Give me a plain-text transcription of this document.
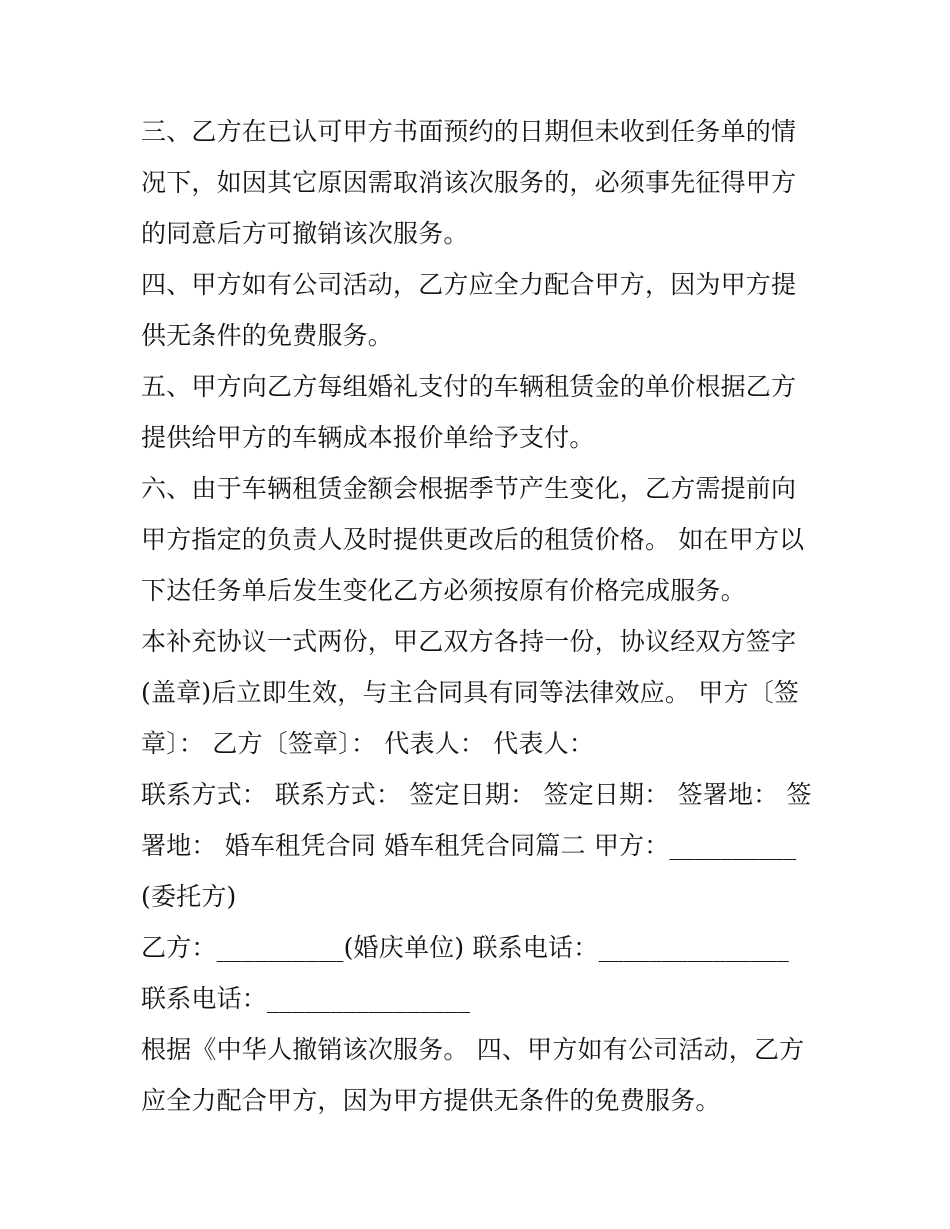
三、乙方在已认可甲方书面预约的日期但未收到任务单的情况下，如因其它原因需取消该次服务的，必须事先征得甲方的同意后方可撤销该次服务。

四、甲方如有公司活动，乙方应全力配合甲方，因为甲方提供无条件的免费服务。

五、甲方向乙方每组婚礼支付的车辆租赁金的单价根据乙方提供给甲方的车辆成本报价单给予支付。

六、由于车辆租赁金额会根据季节产生变化，乙方需提前向甲方指定的负责人及时提供更改后的租赁价格。 如在甲方以下达任务单后发生变化乙方必须按原有价格完成服务。

本补充协议一式两份，甲乙双方各持一份，协议经双方签字(盖章)后立即生效，与主合同具有同等法律效应。 甲方〔签章〕： 乙方〔签章〕： 代表人： 代表人：

联系方式： 联系方式： 签定日期： 签定日期： 签署地： 签署地： 婚车租凭合同 婚车租凭合同篇二 甲方：__________(委托方)

乙方：__________(婚庆单位) 联系电话：_______________ 联系电话：________________

根据《中华人撤销该次服务。 四、甲方如有公司活动，乙方应全力配合甲方，因为甲方提供无条件的免费服务。
